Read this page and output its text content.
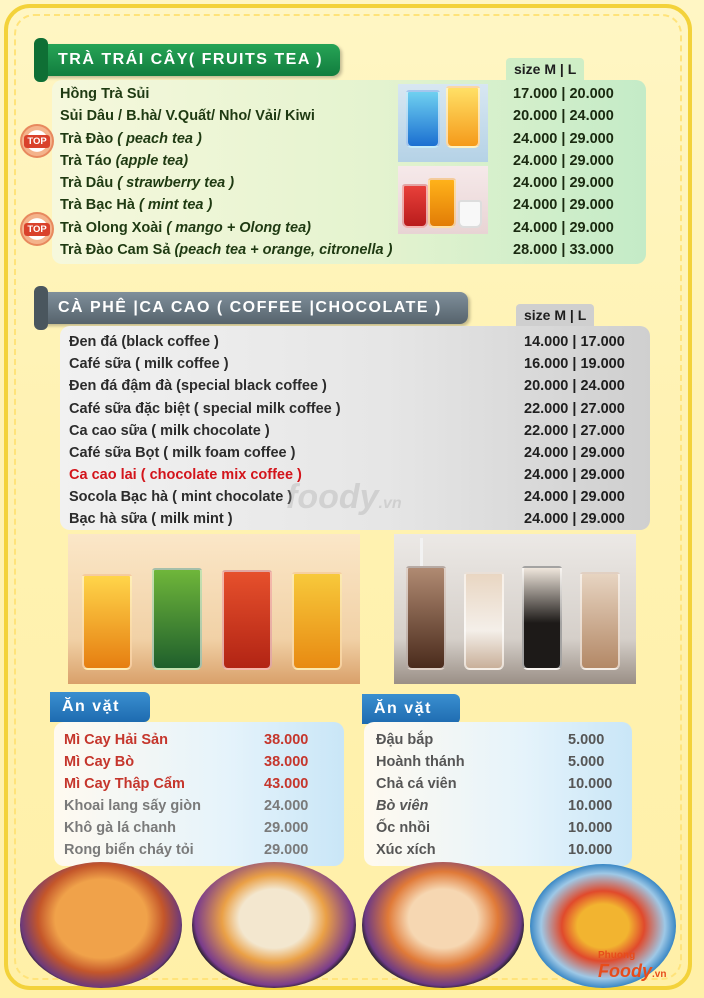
TRÀ TRÁI CÂY( FRUITS TEA )
size M | L
Hồng Trà Sủi	17.000 | 20.000
Sủi Dâu / B.hà/ V.Quất/ Nho/ Vải/ Kiwi	20.000 | 24.000
Trà Đào ( peach tea )	24.000 | 29.000
Trà Táo (apple tea)	24.000 | 29.000
Trà Dâu ( strawberry tea )	24.000 | 29.000
Trà Bạc Hà ( mint tea )	24.000 | 29.000
Trà Olong Xoài ( mango + Olong tea)	24.000 | 29.000
Trà Đào Cam Sả (peach tea + orange, citronella )	28.000 | 33.000
TOP
TOP
CÀ PHÊ |CA CAO ( COFFEE |CHOCOLATE )	size M | L
Đen đá (black coffee )	14.000 | 17.000
Café sữa ( milk coffee )	16.000 | 19.000
Đen đá đậm đà (special black coffee )	20.000 | 24.000
Café sữa đặc biệt ( special milk coffee )	22.000 | 27.000
Ca cao sữa ( milk chocolate )	22.000 | 27.000
Café sữa Bọt ( milk foam coffee )	24.000 | 29.000
Ca cao lai ( chocolate mix coffee )	24.000 | 29.000
Socola Bạc hà ( mint chocolate )	24.000 | 29.000
Bạc hà sữa ( milk mint )	24.000 | 29.000
foody.vn
Ăn vặt
Mì Cay Hải Sản	38.000
Mì Cay Bò	38.000
Mì Cay Thập Cẩm	43.000
Khoai lang sấy giòn	24.000
Khô gà lá chanh	29.000
Rong biển cháy tỏi	29.000
Ăn vặt
Đậu bắp	5.000
Hoành thánh	5.000
Chả cá viên	10.000
Bò viên	10.000
Ốc nhồi	10.000
Xúc xích	10.000
Phuong
Foody.vn
